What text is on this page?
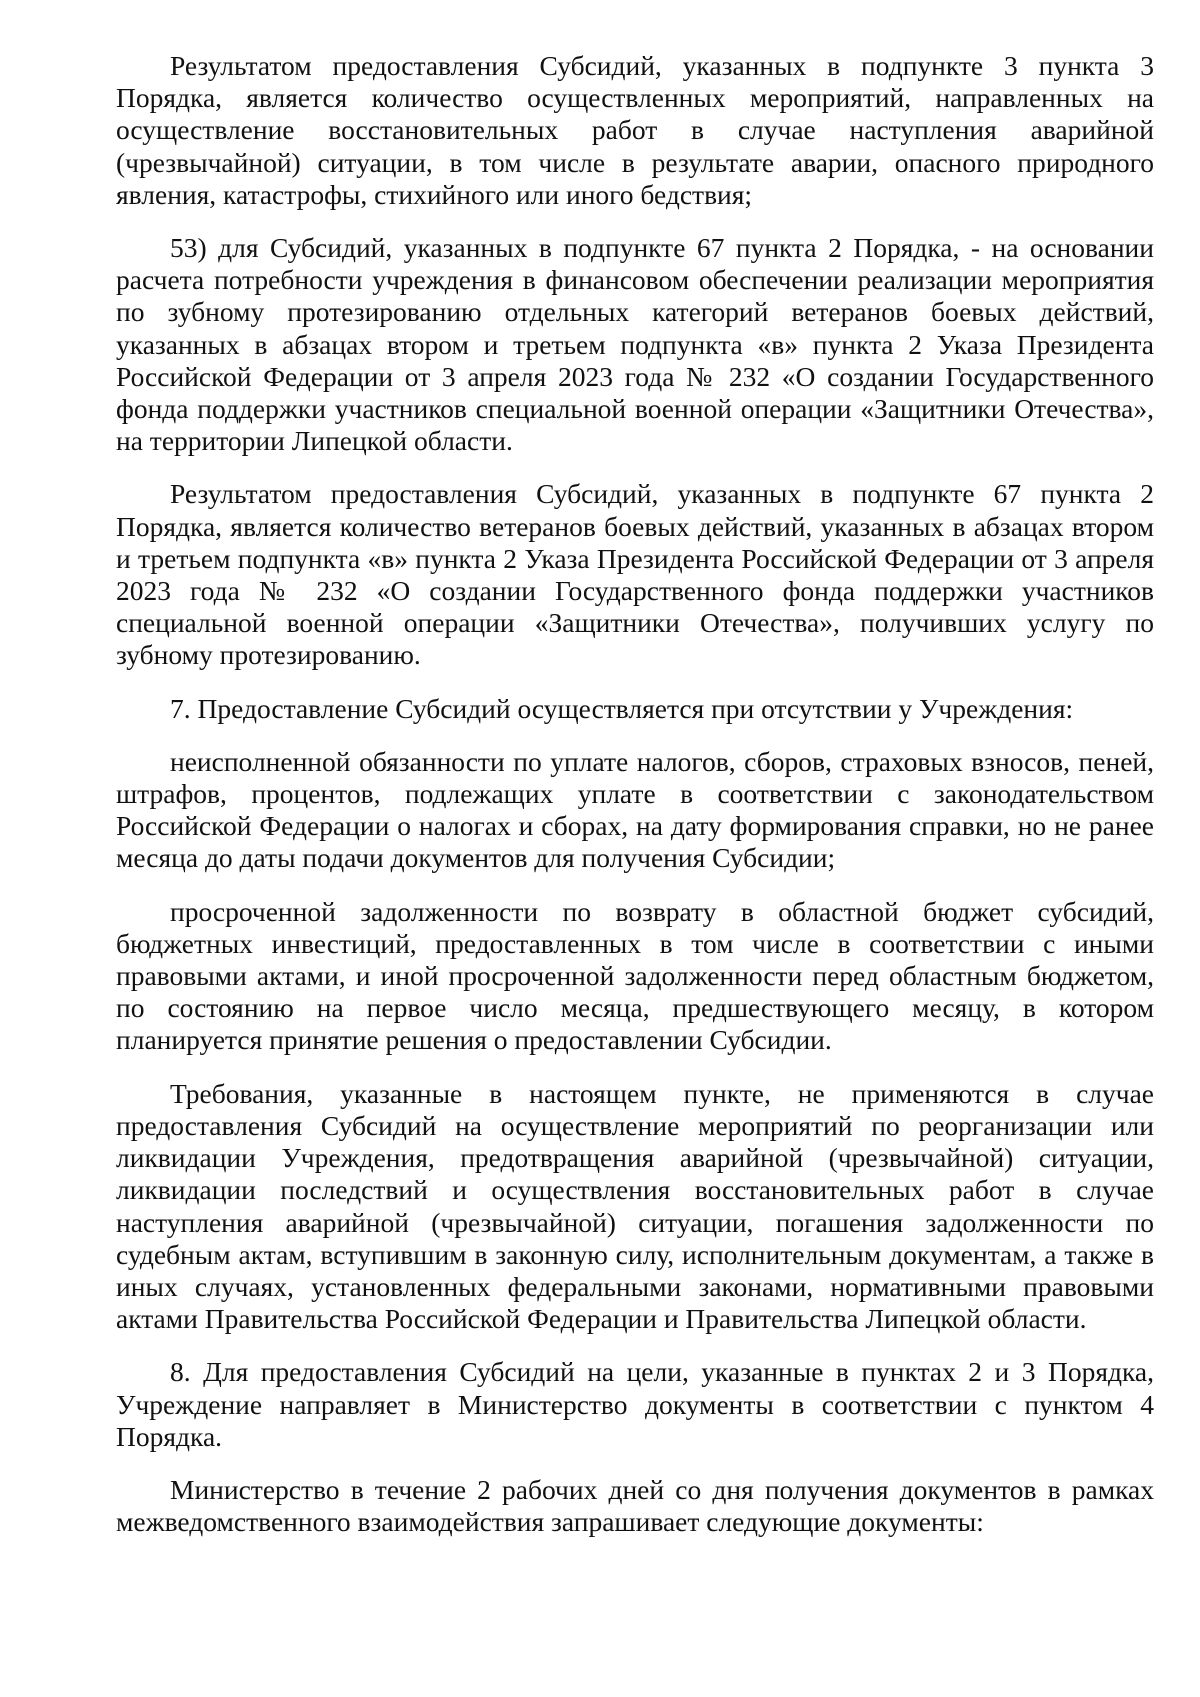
Результатом предоставления Субсидий, указанных в подпункте 3 пункта 3 Порядка, является количество осуществленных мероприятий, направленных на осуществление восстановительных работ в случае наступления аварийной (чрезвычайной) ситуации, в том числе в результате аварии, опасного природного явления, катастрофы, стихийного или иного бедствия;

53) для Субсидий, указанных в подпункте 67 пункта 2 Порядка, - на основании расчета потребности учреждения в финансовом обеспечении реализации мероприятия по зубному протезированию отдельных категорий ветеранов боевых действий, указанных в абзацах втором и третьем подпункта «в» пункта 2 Указа Президента Российской Федерации от 3 апреля 2023 года № 232 «О создании Государственного фонда поддержки участников специальной военной операции «Защитники Отечества», на территории Липецкой области.

Результатом предоставления Субсидий, указанных в подпункте 67 пункта 2 Порядка, является количество ветеранов боевых действий, указанных в абзацах втором и третьем подпункта «в» пункта 2 Указа Президента Российской Федерации от 3 апреля 2023 года № 232 «О создании Государственного фонда поддержки участников специальной военной операции «Защитники Отечества», получивших услугу по зубному протезированию.

7. Предоставление Субсидий осуществляется при отсутствии у Учреждения:

неисполненной обязанности по уплате налогов, сборов, страховых взносов, пеней, штрафов, процентов, подлежащих уплате в соответствии с законодательством Российской Федерации о налогах и сборах, на дату формирования справки, но не ранее месяца до даты подачи документов для получения Субсидии;

просроченной задолженности по возврату в областной бюджет субсидий, бюджетных инвестиций, предоставленных в том числе в соответствии с иными правовыми актами, и иной просроченной задолженности перед областным бюджетом, по состоянию на первое число месяца, предшествующего месяцу, в котором планируется принятие решения о предоставлении Субсидии.

Требования, указанные в настоящем пункте, не применяются в случае предоставления Субсидий на осуществление мероприятий по реорганизации или ликвидации Учреждения, предотвращения аварийной (чрезвычайной) ситуации, ликвидации последствий и осуществления восстановительных работ в случае наступления аварийной (чрезвычайной) ситуации, погашения задолженности по судебным актам, вступившим в законную силу, исполнительным документам, а также в иных случаях, установленных федеральными законами, нормативными правовыми актами Правительства Российской Федерации и Правительства Липецкой области.

8. Для предоставления Субсидий на цели, указанные в пунктах 2 и 3 Порядка, Учреждение направляет в Министерство документы в соответствии с пунктом 4 Порядка.

Министерство в течение 2 рабочих дней со дня получения документов в рамках межведомственного взаимодействия запрашивает следующие документы:
